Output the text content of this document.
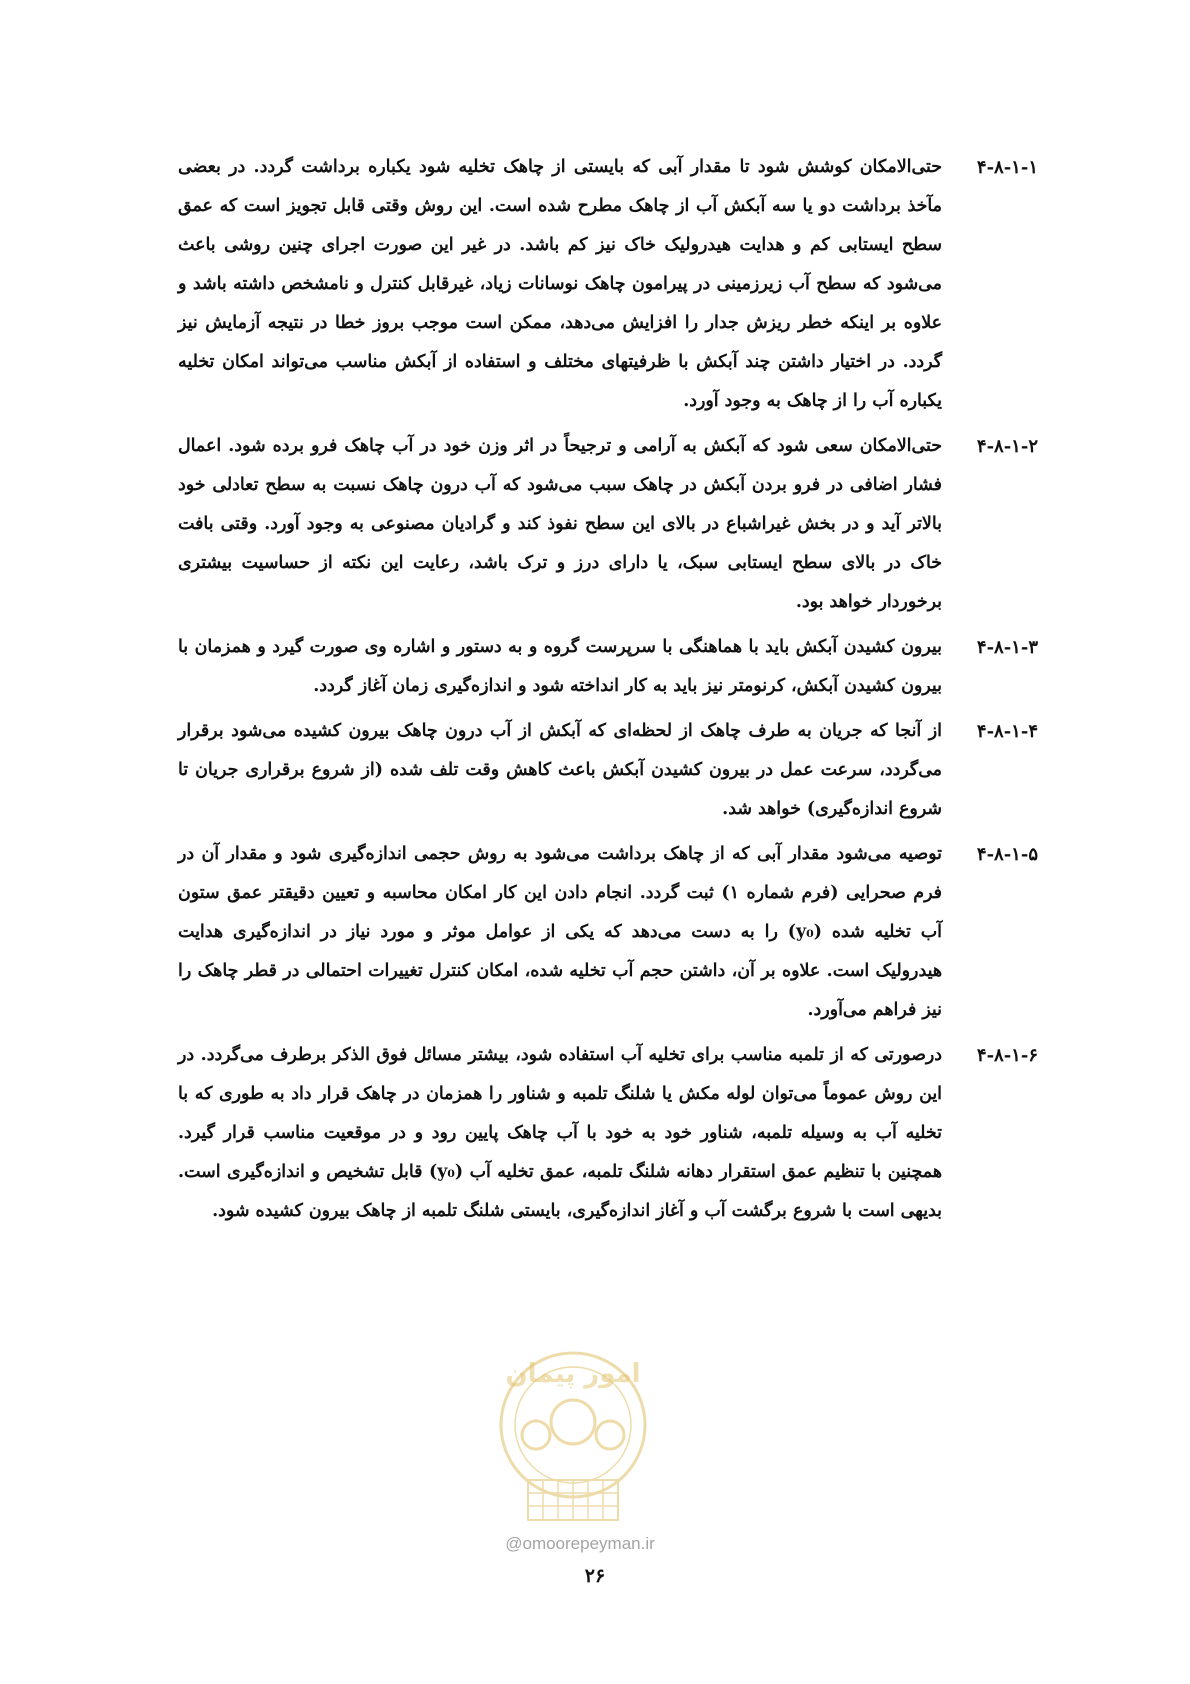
۴-۸-۱-۱
حتی‌الامکان کوشش شود تا مقدار آبی که بایستی از چاهک تخلیه شود یکباره برداشت گردد. در بعضی مآخذ برداشت دو یا سه آبکش آب از چاهک مطرح شده است. این روش وقتی قابل تجویز است که عمق سطح ایستابی کم و هدایت هیدرولیک خاک نیز کم باشد. در غیر این صورت اجرای چنین روشی باعث می‌شود که سطح آب زیرزمینی در پیرامون چاهک نوسانات زیاد، غیرقابل کنترل و نامشخص داشته باشد و علاوه بر اینکه خطر ریزش جدار را افزایش می‌دهد، ممکن است موجب بروز خطا در نتیجه آزمایش نیز گردد. در اختیار داشتن چند آبکش با ظرفیتهای مختلف و استفاده از آبکش مناسب می‌تواند امکان تخلیه یکباره آب را از چاهک به وجود آورد.
۴-۸-۱-۲
حتی‌الامکان سعی شود که آبکش به آرامی و ترجیحاً در اثر وزن خود در آب چاهک فرو برده شود. اعمال فشار اضافی در فرو بردن آبکش در چاهک سبب می‌شود که آب درون چاهک نسبت به سطح تعادلی خود بالاتر آید و در بخش غیراشباع در بالای این سطح نفوذ کند و گرادیان مصنوعی به وجود آورد. وقتی بافت خاک در بالای سطح ایستابی سبک، یا دارای درز و ترک باشد، رعایت این نکته از حساسیت بیشتری برخوردار خواهد بود.
۴-۸-۱-۳
بیرون کشیدن آبکش باید با هماهنگی با سرپرست گروه و به دستور و اشاره وی صورت گیرد و همزمان با بیرون کشیدن آبکش، کرنومتر نیز باید به کار انداخته شود و اندازه‌گیری زمان آغاز گردد.
۴-۸-۱-۴
از آنجا که جریان به طرف چاهک از لحظه‌ای که آبکش از آب درون چاهک بیرون کشیده می‌شود برقرار می‌گردد، سرعت عمل در بیرون کشیدن آبکش باعث کاهش وقت تلف شده (از شروع برقراری جریان تا شروع اندازه‌گیری) خواهد شد.
۴-۸-۱-۵
توصیه می‌شود مقدار آبی که از چاهک برداشت می‌شود به روش حجمی اندازه‌گیری شود و مقدار آن در فرم صحرایی (فرم شماره ۱) ثبت گردد. انجام دادن این کار امکان محاسبه و تعیین دقیقتر عمق ستون آب تخلیه شده (y₀) را به دست می‌دهد که یکی از عوامل موثر و مورد نیاز در اندازه‌گیری هدایت هیدرولیک است. علاوه بر آن، داشتن حجم آب تخلیه شده، امکان کنترل تغییرات احتمالی در قطر چاهک را نیز فراهم می‌آورد.
۴-۸-۱-۶
درصورتی که از تلمبه مناسب برای تخلیه آب استفاده شود، بیشتر مسائل فوق الذکر برطرف می‌گردد. در این روش عموماً می‌توان لوله مکش یا شلنگ تلمبه و شناور را همزمان در چاهک قرار داد به طوری که با تخلیه آب به وسیله تلمبه، شناور خود به خود با آب چاهک پایین رود و در موقعیت مناسب قرار گیرد. همچنین با تنظیم عمق استقرار دهانه شلنگ تلمبه، عمق تخلیه آب (y₀) قابل تشخیص و اندازه‌گیری است. بدیهی است با شروع برگشت آب و آغاز اندازه‌گیری، بایستی شلنگ تلمبه از چاهک بیرون کشیده شود.
امور پیمان
@omoorepeyman.ir
۲۶
